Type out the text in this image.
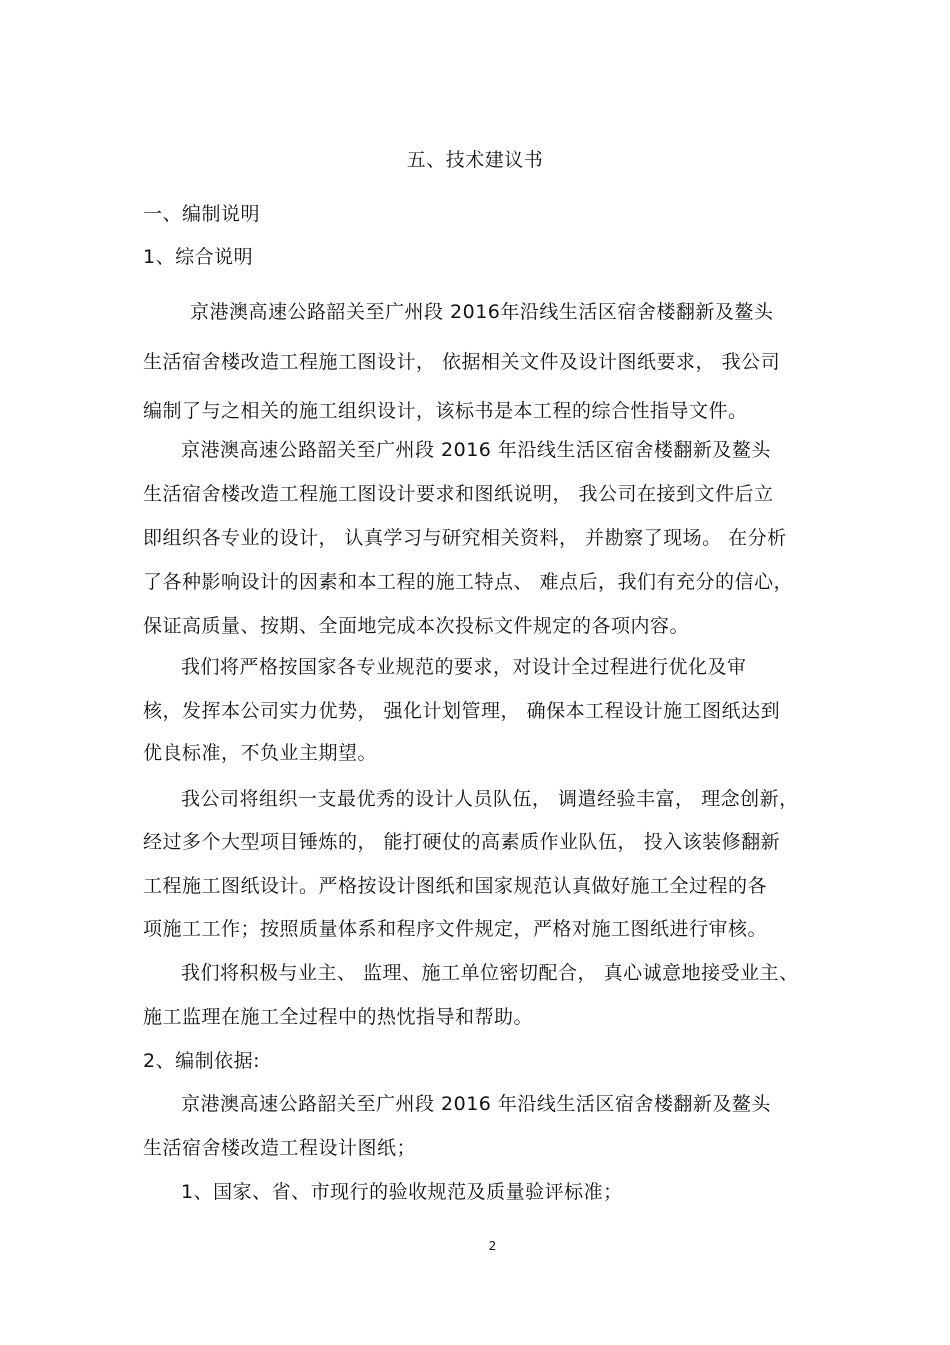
五、技术建议书
一、编制说明
1、综合说明
京港澳高速公路韶关至广州段 2016年沿线生活区宿舍楼翻新及鳌头
生活宿舍楼改造工程施工图设计， 依据相关文件及设计图纸要求， 我公司
编制了与之相关的施工组织设计，该标书是本工程的综合性指导文件。
京港澳高速公路韶关至广州段 2016 年沿线生活区宿舍楼翻新及鳌头
生活宿舍楼改造工程施工图设计要求和图纸说明， 我公司在接到文件后立
即组织各专业的设计， 认真学习与研究相关资料， 并勘察了现场。 在分析
了各种影响设计的因素和本工程的施工特点、 难点后，我们有充分的信心，
保证高质量、按期、全面地完成本次投标文件规定的各项内容。
我们将严格按国家各专业规范的要求，对设计全过程进行优化及审
核，发挥本公司实力优势， 强化计划管理， 确保本工程设计施工图纸达到
优良标准，不负业主期望。
我公司将组织一支最优秀的设计人员队伍， 调遣经验丰富， 理念创新，
经过多个大型项目锤炼的， 能打硬仗的高素质作业队伍， 投入该装修翻新
工程施工图纸设计。严格按设计图纸和国家规范认真做好施工全过程的各
项施工工作；按照质量体系和程序文件规定，严格对施工图纸进行审核。
我们将积极与业主、 监理、施工单位密切配合， 真心诚意地接受业主、
施工监理在施工全过程中的热忱指导和帮助。
2、编制依据:
京港澳高速公路韶关至广州段 2016 年沿线生活区宿舍楼翻新及鳌头
生活宿舍楼改造工程设计图纸；
1、国家、省、市现行的验收规范及质量验评标准；
2
